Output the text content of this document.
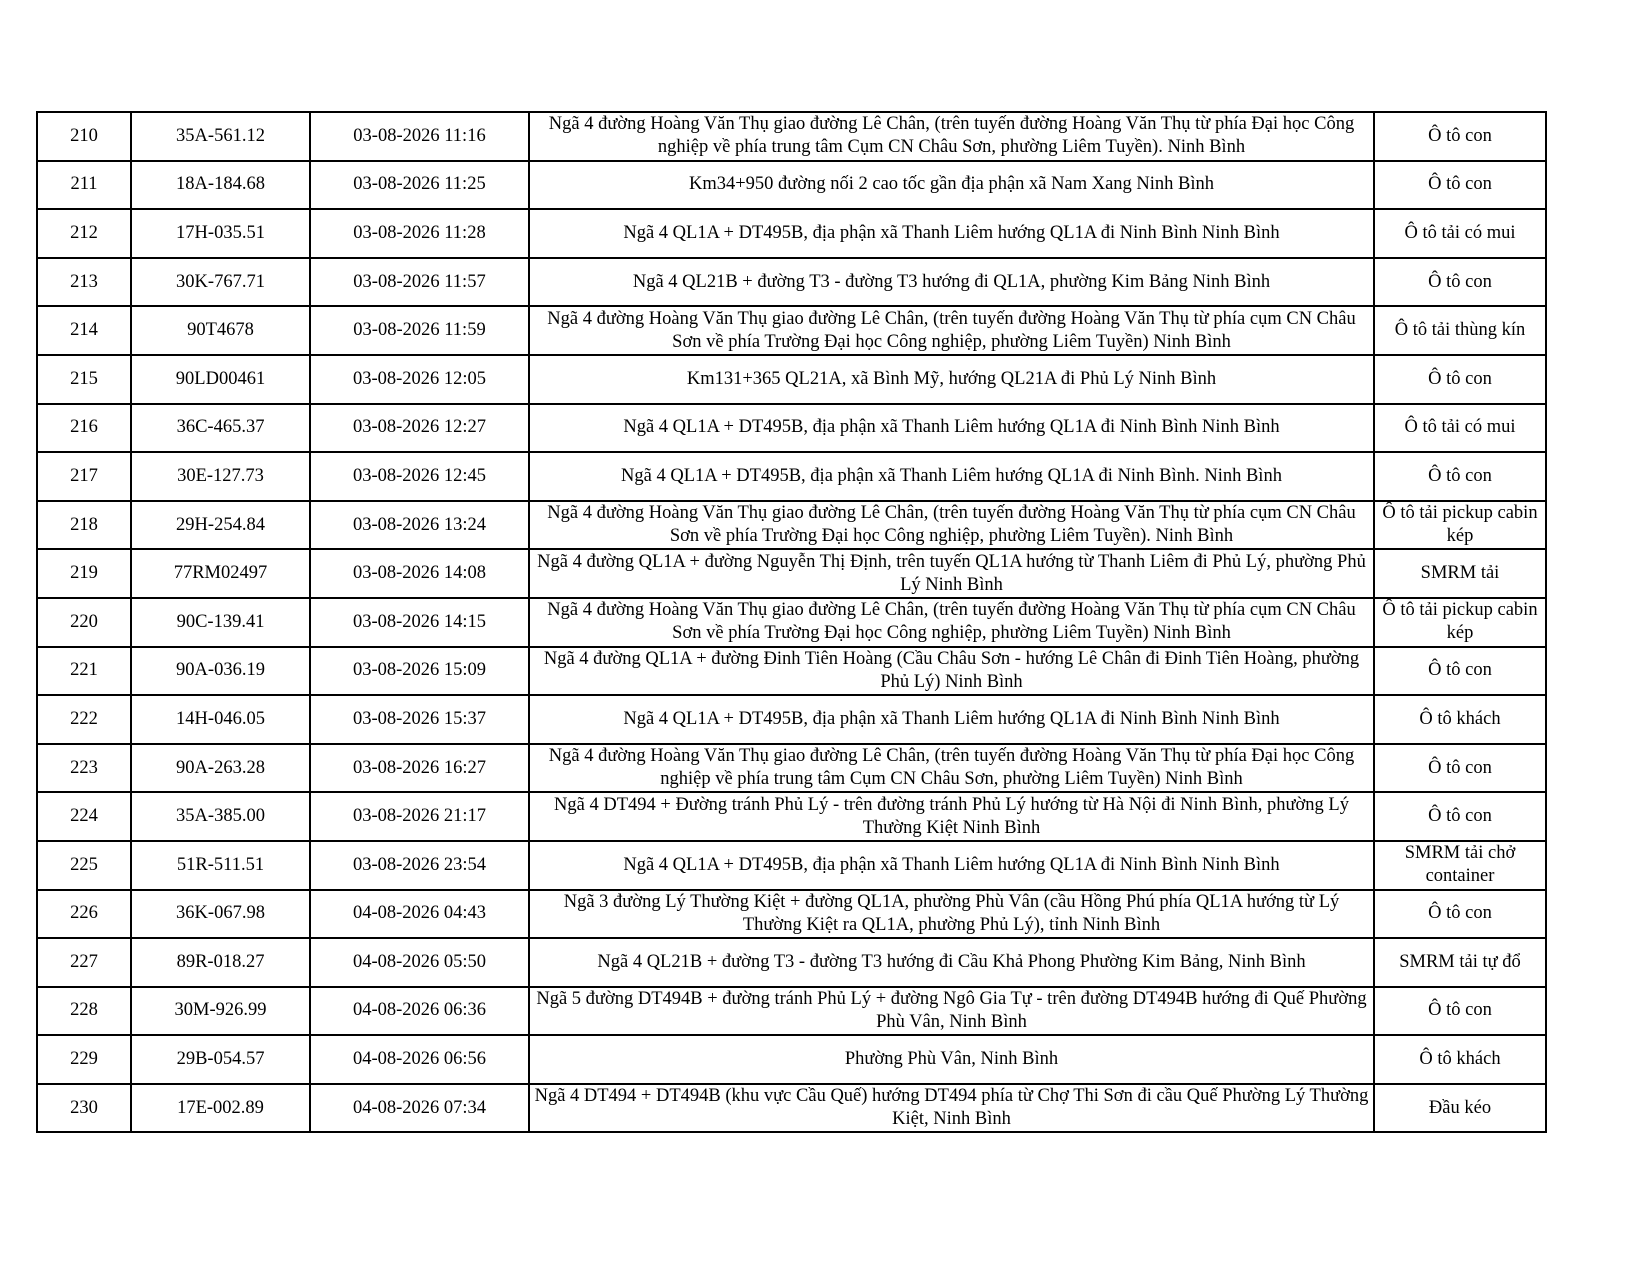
210	35A-561.12	03-08-2026 11:16	Ngã 4 đường Hoàng Văn Thụ giao đường Lê Chân, (trên tuyến đường Hoàng Văn Thụ từ phía Đại học Công nghiệp về phía trung tâm Cụm CN Châu Sơn, phường Liêm Tuyền). Ninh Bình	Ô tô con
211	18A-184.68	03-08-2026 11:25	Km34+950 đường nối 2 cao tốc gần địa phận xã Nam Xang Ninh Bình	Ô tô con
212	17H-035.51	03-08-2026 11:28	Ngã 4 QL1A + DT495B, địa phận xã Thanh Liêm hướng QL1A đi Ninh Bình Ninh Bình	Ô tô tải có mui
213	30K-767.71	03-08-2026 11:57	Ngã 4 QL21B + đường T3 - đường T3 hướng đi QL1A, phường Kim Bảng Ninh Bình	Ô tô con
214	90T4678	03-08-2026 11:59	Ngã 4 đường Hoàng Văn Thụ giao đường Lê Chân, (trên tuyến đường Hoàng Văn Thụ từ phía cụm CN Châu Sơn về phía Trường Đại học Công nghiệp, phường Liêm Tuyền) Ninh Bình	Ô tô tải thùng kín
215	90LD00461	03-08-2026 12:05	Km131+365 QL21A, xã Bình Mỹ, hướng QL21A đi Phủ Lý Ninh Bình	Ô tô con
216	36C-465.37	03-08-2026 12:27	Ngã 4 QL1A + DT495B, địa phận xã Thanh Liêm hướng QL1A đi Ninh Bình Ninh Bình	Ô tô tải có mui
217	30E-127.73	03-08-2026 12:45	Ngã 4 QL1A + DT495B, địa phận xã Thanh Liêm hướng QL1A đi Ninh Bình. Ninh Bình	Ô tô con
218	29H-254.84	03-08-2026 13:24	Ngã 4 đường Hoàng Văn Thụ giao đường Lê Chân, (trên tuyến đường Hoàng Văn Thụ từ phía cụm CN Châu Sơn về phía Trường Đại học Công nghiệp, phường Liêm Tuyền). Ninh Bình	Ô tô tải pickup cabin kép
219	77RM02497	03-08-2026 14:08	Ngã 4 đường QL1A + đường Nguyễn Thị Định, trên tuyến QL1A hướng từ Thanh Liêm đi Phủ Lý, phường Phủ Lý Ninh Bình	SMRM tải
220	90C-139.41	03-08-2026 14:15	Ngã 4 đường Hoàng Văn Thụ giao đường Lê Chân, (trên tuyến đường Hoàng Văn Thụ từ phía cụm CN Châu Sơn về phía Trường Đại học Công nghiệp, phường Liêm Tuyền) Ninh Bình	Ô tô tải pickup cabin kép
221	90A-036.19	03-08-2026 15:09	Ngã 4 đường QL1A + đường Đinh Tiên Hoàng (Cầu Châu Sơn - hướng Lê Chân đi Đinh Tiên Hoàng, phường Phủ Lý) Ninh Bình	Ô tô con
222	14H-046.05	03-08-2026 15:37	Ngã 4 QL1A + DT495B, địa phận xã Thanh Liêm hướng QL1A đi Ninh Bình Ninh Bình	Ô tô khách
223	90A-263.28	03-08-2026 16:27	Ngã 4 đường Hoàng Văn Thụ giao đường Lê Chân, (trên tuyến đường Hoàng Văn Thụ từ phía Đại học Công nghiệp về phía trung tâm Cụm CN Châu Sơn, phường Liêm Tuyền) Ninh Bình	Ô tô con
224	35A-385.00	03-08-2026 21:17	Ngã 4 DT494 + Đường tránh Phủ Lý - trên đường tránh Phủ Lý hướng từ Hà Nội đi Ninh Bình, phường Lý Thường Kiệt Ninh Bình	Ô tô con
225	51R-511.51	03-08-2026 23:54	Ngã 4 QL1A + DT495B, địa phận xã Thanh Liêm hướng QL1A đi Ninh Bình Ninh Bình	SMRM tải chở container
226	36K-067.98	04-08-2026 04:43	Ngã 3 đường Lý Thường Kiệt + đường QL1A, phường Phù Vân (cầu Hồng Phú phía QL1A hướng từ Lý Thường Kiệt ra QL1A, phường Phủ Lý), tỉnh Ninh Bình	Ô tô con
227	89R-018.27	04-08-2026 05:50	Ngã 4 QL21B + đường T3 - đường T3 hướng đi Cầu Khả Phong Phường Kim Bảng, Ninh Bình	SMRM tải tự đổ
228	30M-926.99	04-08-2026 06:36	Ngã 5 đường DT494B + đường tránh Phủ Lý + đường Ngô Gia Tự - trên đường DT494B hướng đi Quế Phường Phù Vân, Ninh Bình	Ô tô con
229	29B-054.57	04-08-2026 06:56	Phường Phù Vân, Ninh Bình	Ô tô khách
230	17E-002.89	04-08-2026 07:34	Ngã 4 DT494 + DT494B (khu vực Cầu Quế) hướng DT494 phía từ Chợ Thi Sơn đi cầu Quế Phường Lý Thường Kiệt, Ninh Bình	Đầu kéo
